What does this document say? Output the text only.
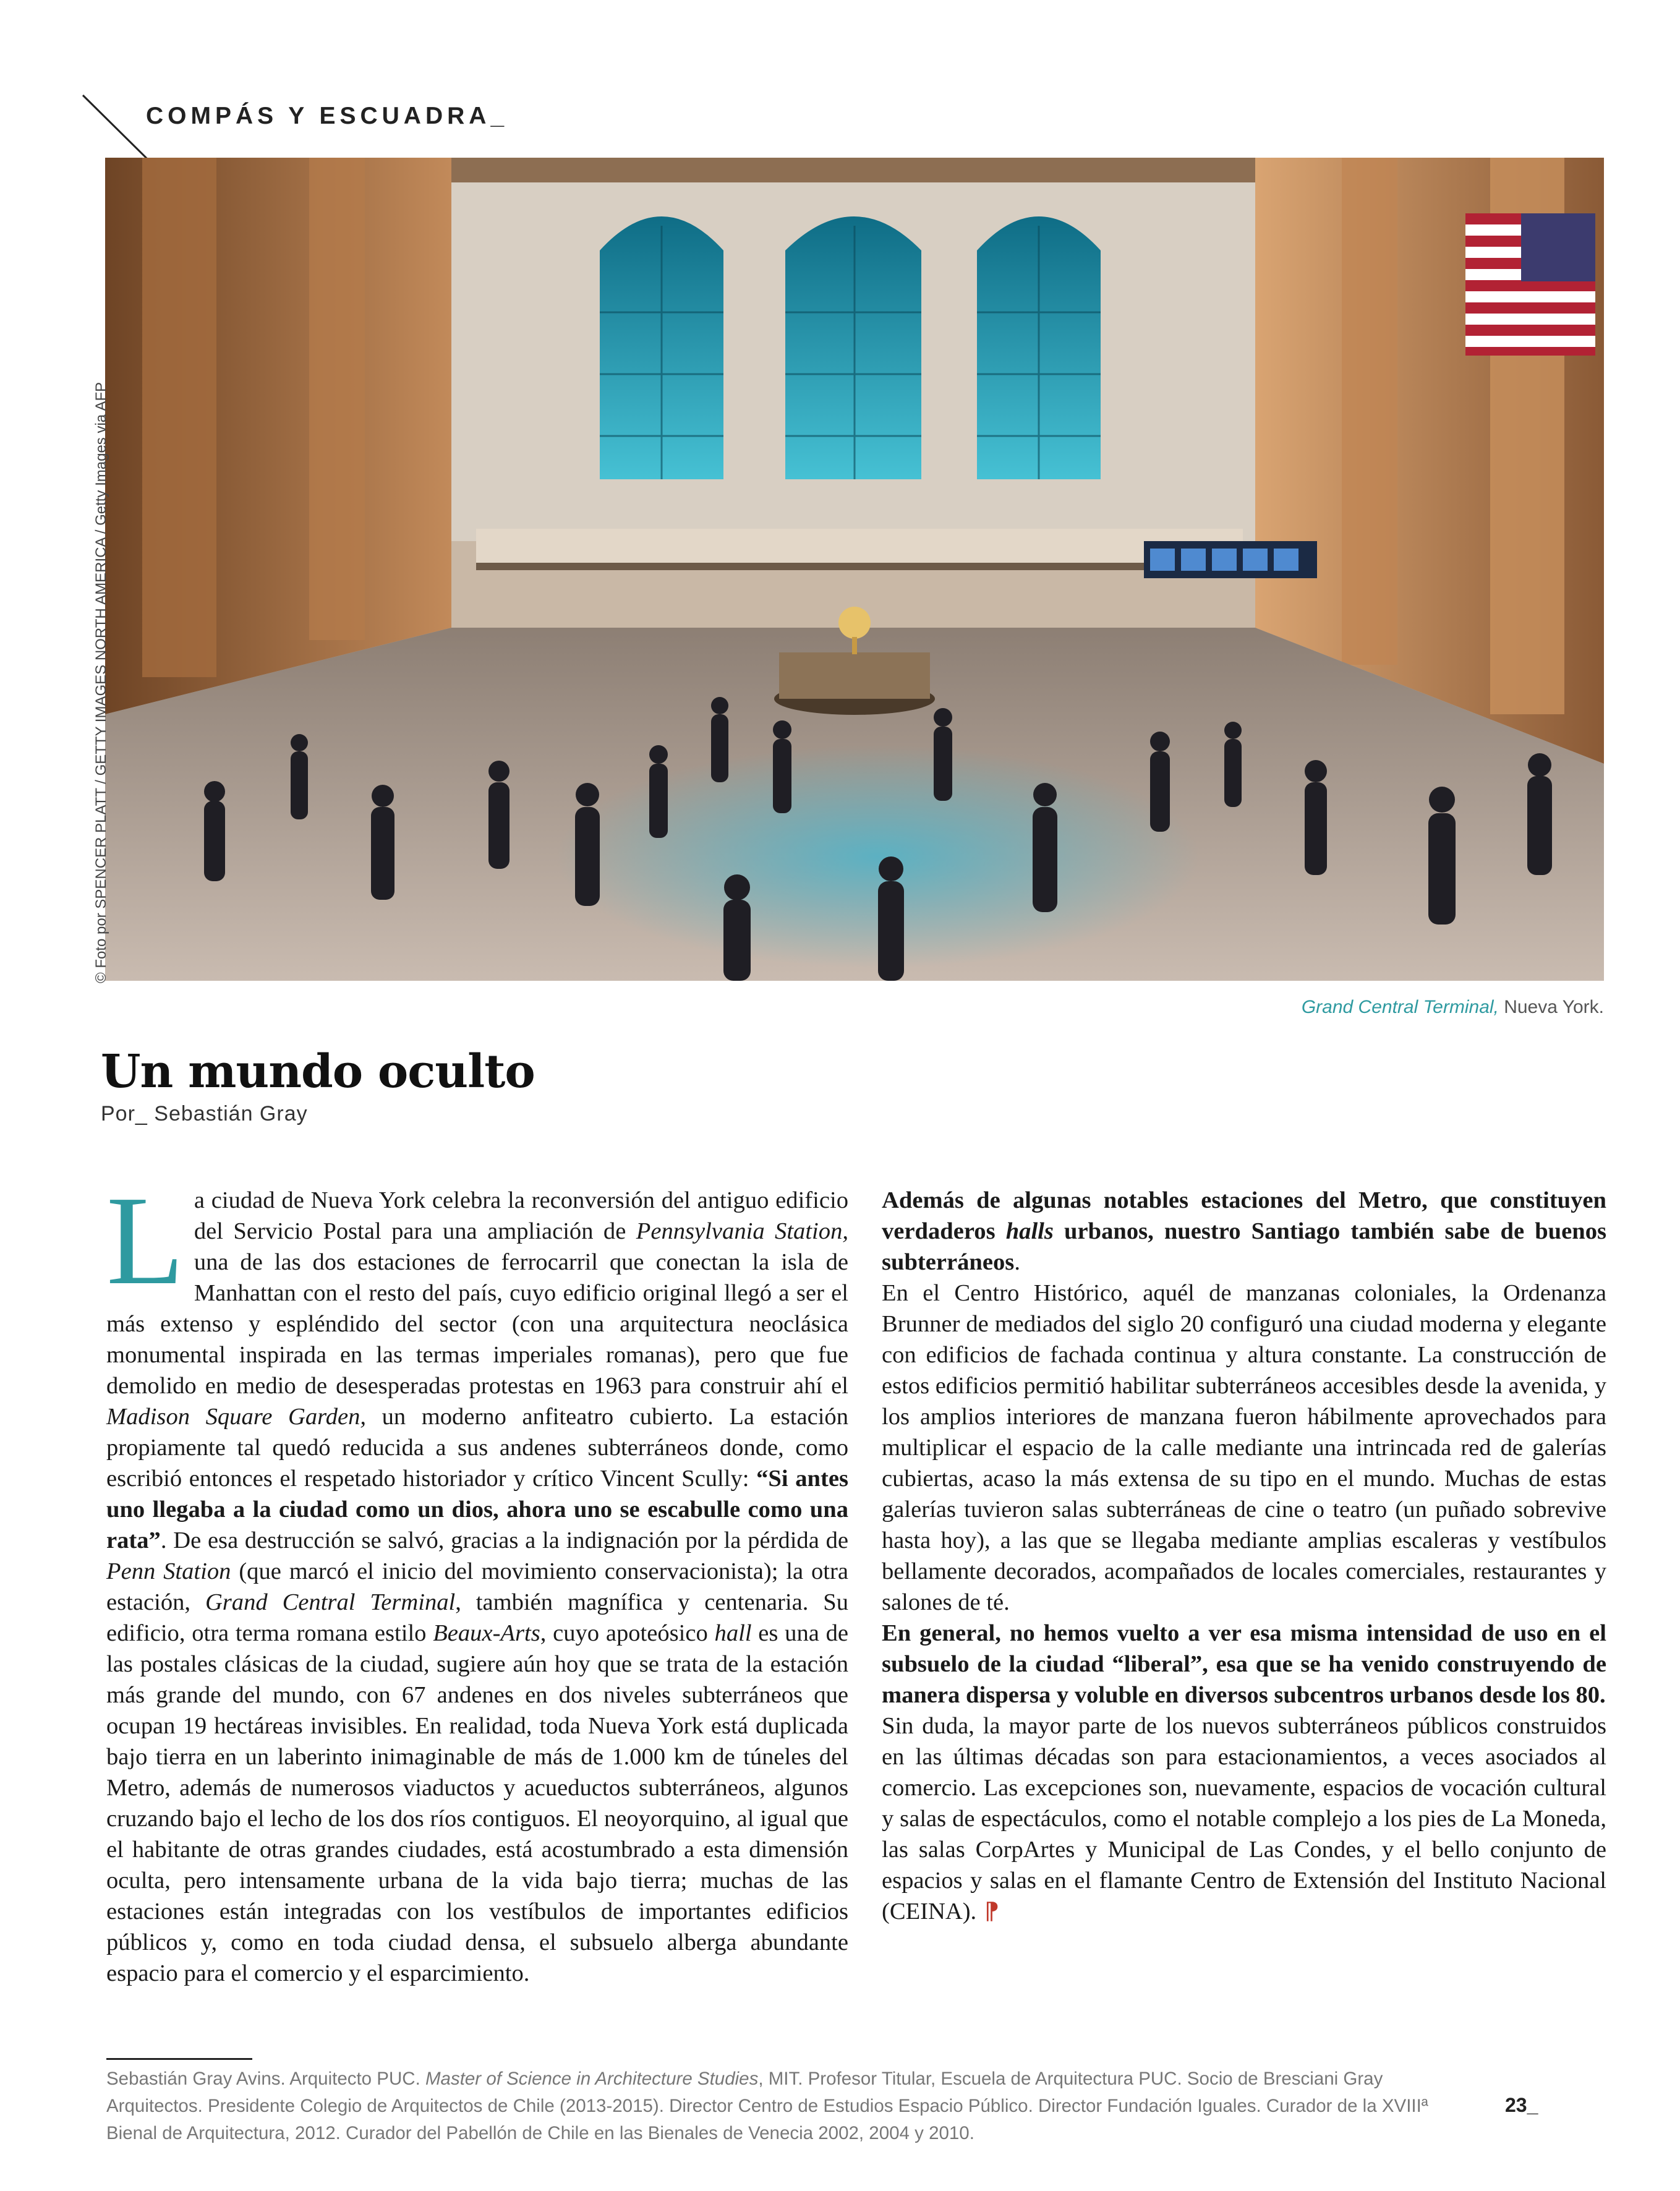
COMPÁS Y ESCUADRA_
© Foto por SPENCER PLATT / GETTY IMAGES NORTH AMERICA / Getty Images via AFP
Grand Central Terminal, Nueva York.
Un mundo oculto
Por_ Sebastián Gray

La ciudad de Nueva York celebra la reconversión del antiguo edificio del Servicio Postal para una ampliación de Pennsylvania Station, una de las dos estaciones de ferrocarril que conectan la isla de Manhattan con el resto del país, cuyo edificio original llegó a ser el más extenso y espléndido del sector (con una arquitectura neoclásica monumental inspirada en las termas imperiales romanas), pero que fue demolido en medio de desesperadas protestas en 1963 para construir ahí el Madison Square Garden, un moderno anfiteatro cubierto. La estación propiamente tal quedó reducida a sus andenes subterráneos donde, como escribió entonces el respetado historiador y crítico Vincent Scully: “Si antes uno llegaba a la ciudad como un dios, ahora uno se escabulle como una rata”. De esa destrucción se salvó, gracias a la indignación por la pérdida de Penn Station (que marcó el inicio del movimiento conservacionista); la otra estación, Grand Central Terminal, también magnífica y centenaria. Su edificio, otra terma romana estilo Beaux-Arts, cuyo apoteósico hall es una de las postales clásicas de la ciudad, sugiere aún hoy que se trata de la estación más grande del mundo, con 67 andenes en dos niveles subterráneos que ocupan 19 hectáreas invisibles. En realidad, toda Nueva York está duplicada bajo tierra en un laberinto inimaginable de más de 1.000 km de túneles del Metro, además de numerosos viaductos y acueductos subterráneos, algunos cruzando bajo el lecho de los dos ríos contiguos. El neoyorquino, al igual que el habitante de otras grandes ciudades, está acostumbrado a esta dimensión oculta, pero intensamente urbana de la vida bajo tierra; muchas de las estaciones están integradas con los vestíbulos de importantes edificios públicos y, como en toda ciudad densa, el subsuelo alberga abundante espacio para el comercio y el esparcimiento.

Además de algunas notables estaciones del Metro, que constituyen verdaderos halls urbanos, nuestro Santiago también sabe de buenos subterráneos.

En el Centro Histórico, aquél de manzanas coloniales, la Ordenanza Brunner de mediados del siglo 20 configuró una ciudad moderna y elegante con edificios de fachada continua y altura constante. La construcción de estos edificios permitió habilitar subterráneos accesibles desde la avenida, y los amplios interiores de manzana fueron hábilmente aprovechados para multiplicar el espacio de la calle mediante una intrincada red de galerías cubiertas, acaso la más extensa de su tipo en el mundo. Muchas de estas galerías tuvieron salas subterráneas de cine o teatro (un puñado sobrevive hasta hoy), a las que se llegaba mediante amplias escaleras y vestíbulos bellamente decorados, acompañados de locales comerciales, restaurantes y salones de té.

En general, no hemos vuelto a ver esa misma intensidad de uso en el subsuelo de la ciudad “liberal”, esa que se ha venido construyendo de manera dispersa y voluble en diversos subcentros urbanos desde los 80.

Sin duda, la mayor parte de los nuevos subterráneos públicos construidos en las últimas décadas son para estacionamientos, a veces asociados al comercio. Las excepciones son, nuevamente, espacios de vocación cultural y salas de espectáculos, como el notable complejo a los pies de La Moneda, las salas CorpArtes y Municipal de Las Condes, y el bello conjunto de espacios y salas en el flamante Centro de Extensión del Instituto Nacional (CEINA). ⁋

Sebastián Gray Avins. Arquitecto PUC. Master of Science in Architecture Studies, MIT. Profesor Titular, Escuela de Arquitectura PUC. Socio de Bresciani Gray Arquitectos. Presidente Colegio de Arquitectos de Chile (2013-2015). Director Centro de Estudios Espacio Público. Director Fundación Iguales. Curador de la XVIIIª Bienal de Arquitectura, 2012. Curador del Pabellón de Chile en las Bienales de Venecia 2002, 2004 y 2010.
23_
